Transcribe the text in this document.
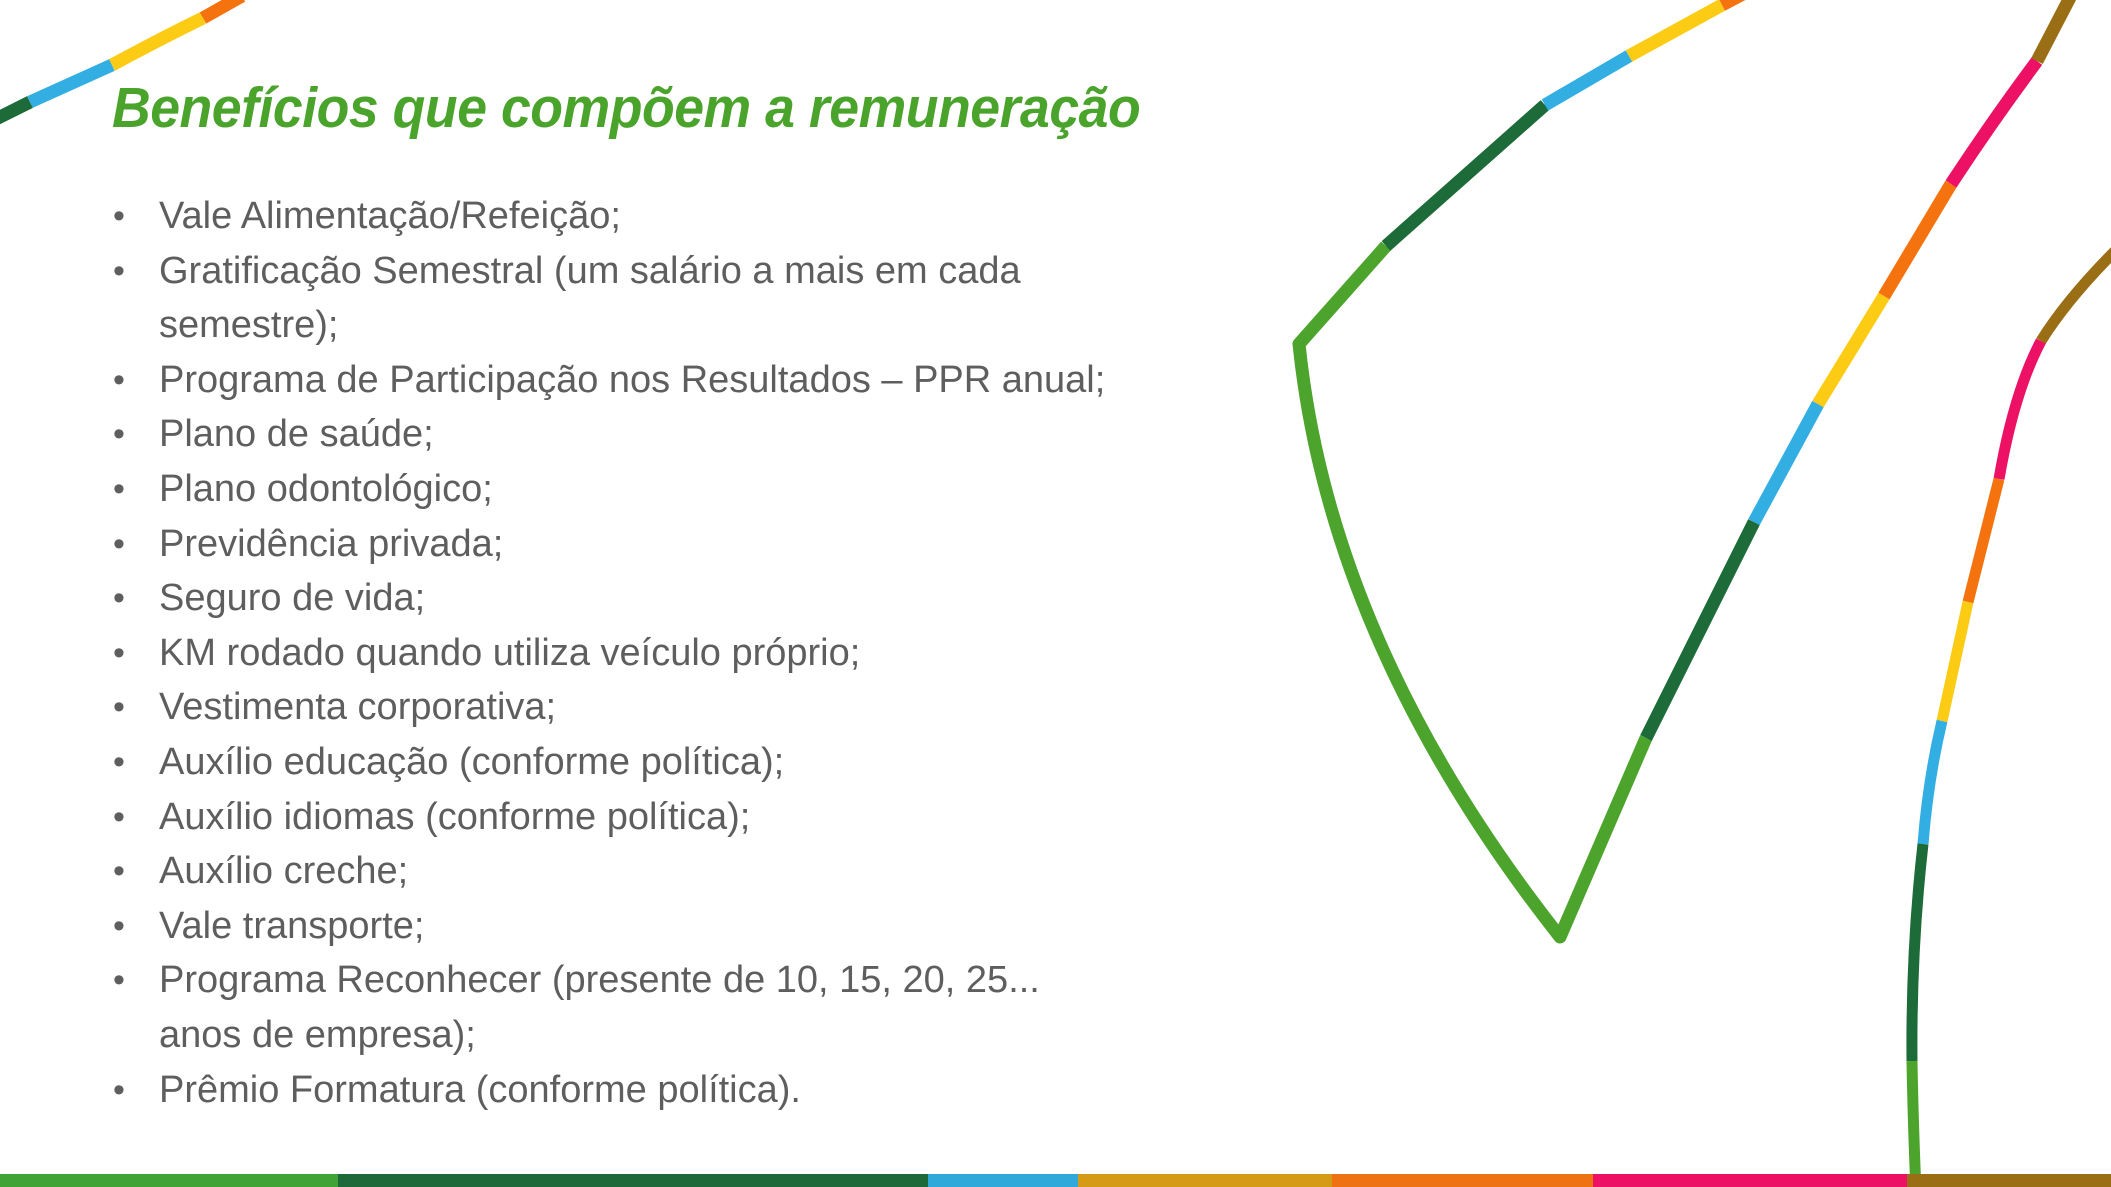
Benefícios que compõem a remuneração
• Vale Alimentação/Refeição;
• Gratificação Semestral (um salário a mais em cada
semestre);
• Programa de Participação nos Resultados – PPR anual;
• Plano de saúde;
• Plano odontológico;
• Previdência privada;
• Seguro de vida;
• KM rodado quando utiliza veículo próprio;
• Vestimenta corporativa;
• Auxílio educação (conforme política);
• Auxílio idiomas (conforme política);
• Auxílio creche;
• Vale transporte;
• Programa Reconhecer (presente de 10, 15, 20, 25...
anos de empresa);
• Prêmio Formatura (conforme política).
